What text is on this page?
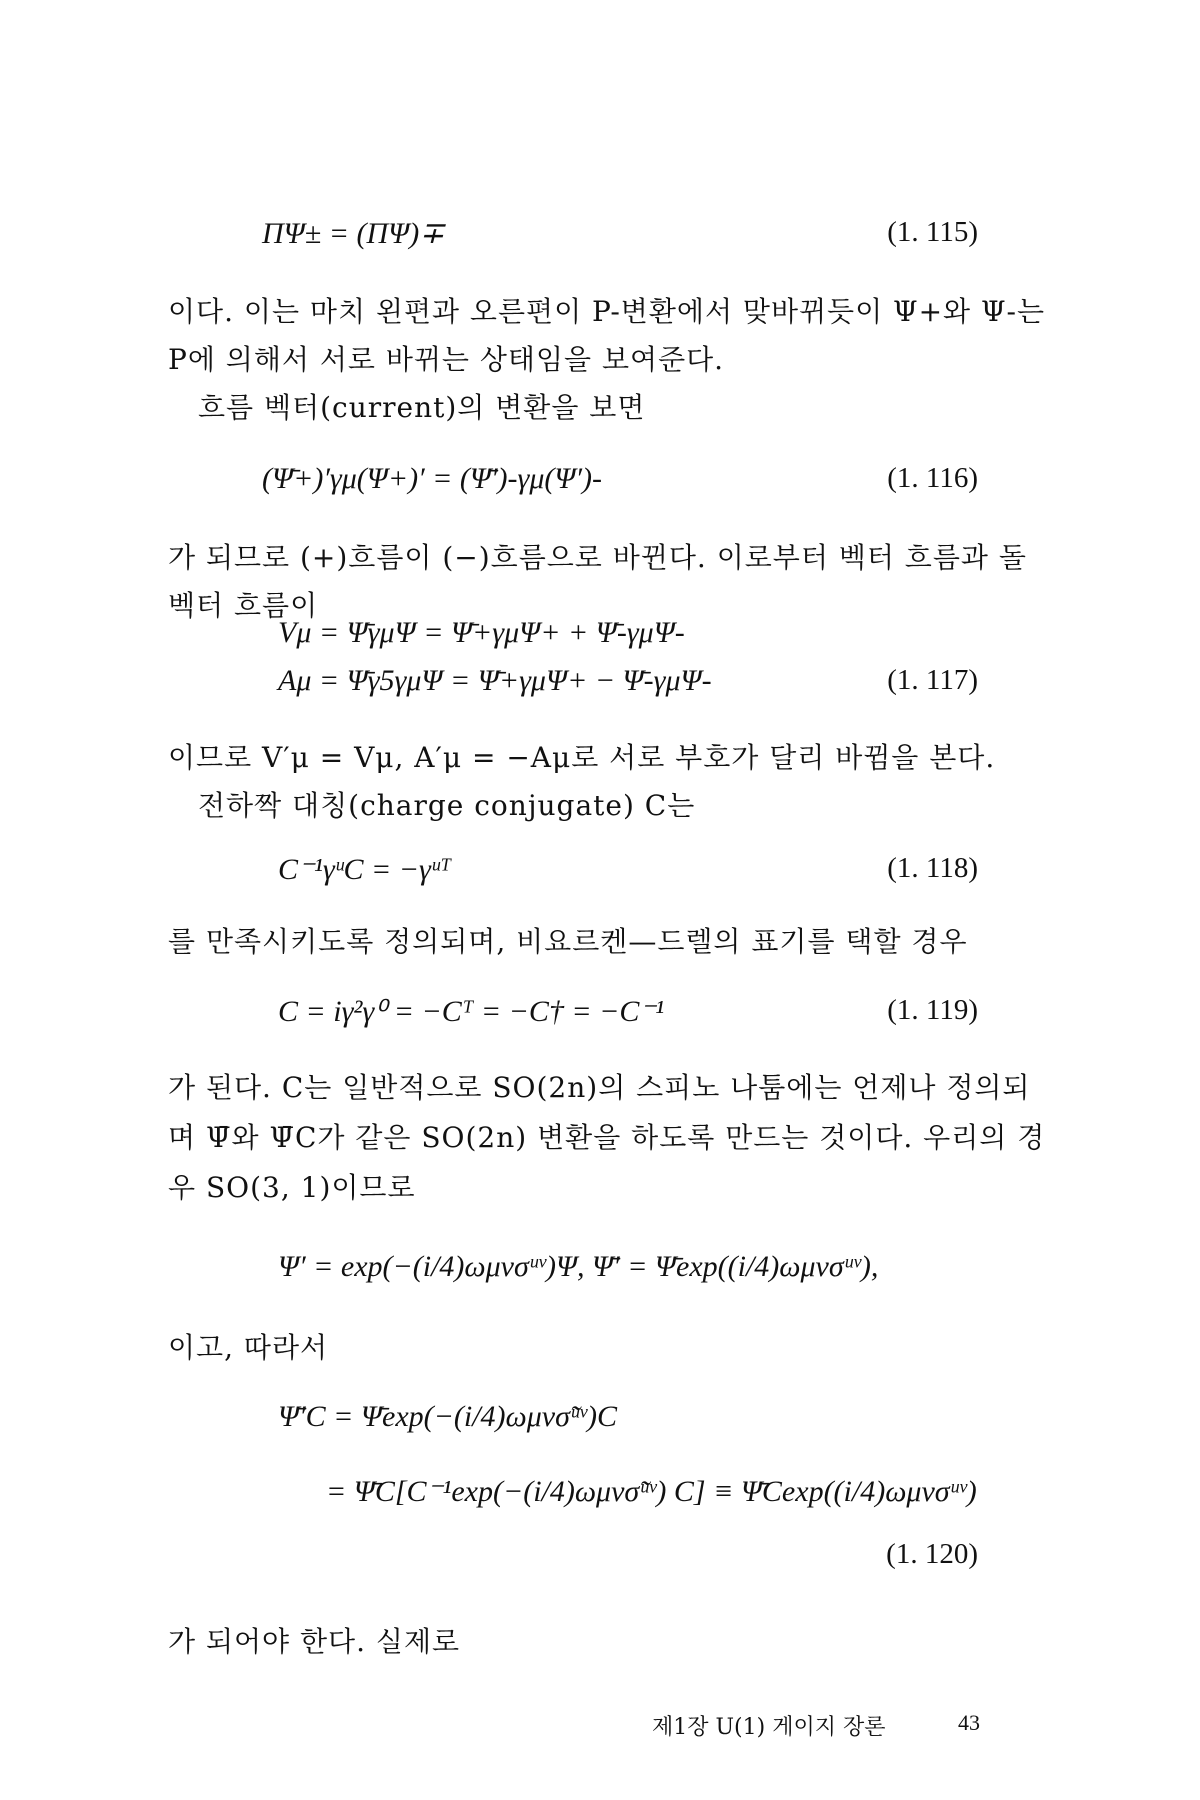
ΠΨ± = (ΠΨ)∓	(1. 115)
이다. 이는 마치 왼편과 오른편이 P-변환에서 맞바뀌듯이 Ψ+와 Ψ-는
P에 의해서 서로 바뀌는 상태임을 보여준다.
흐름 벡터(current)의 변환을 보면
(Ψ̄+)′γμ(Ψ+)′ = (Ψ̄′)-γμ(Ψ′)-	(1. 116)
가 되므로 (+)흐름이 (−)흐름으로 바뀐다. 이로부터 벡터 흐름과 돌
벡터 흐름이
Vμ = Ψ̄γμΨ = Ψ̄+γμΨ+ + Ψ̄-γμΨ-
Aμ = Ψ̄γ5γμΨ = Ψ̄+γμΨ+ − Ψ̄-γμΨ-	(1. 117)
이므로 V′μ = Vμ, A′μ = −Aμ로 서로 부호가 달리 바뀜을 본다.
전하짝 대칭(charge conjugate) C는
C⁻¹γᵘC = −γᵘᵀ	(1. 118)
를 만족시키도록 정의되며, 비요르켄—드렐의 표기를 택할 경우
C = iγ²γ⁰ = −Cᵀ = −C† = −C⁻¹	(1. 119)
가 된다. C는 일반적으로 SO(2n)의 스피노 나툼에는 언제나 정의되
며 Ψ̄와 Ψ̄C가 같은 SO(2n) 변환을 하도록 만드는 것이다. 우리의 경
우 SO(3, 1)이므로
Ψ′ = exp(−(i/4)ωμνσᵘᵛ)Ψ, Ψ̄′ = Ψ̄exp((i/4)ωμνσᵘᵛ),
이고, 따라서
Ψ̄′C = Ψ̄exp(−(i/4)ωμνσ̃ᵘᵛ)C
= Ψ̄C[C⁻¹exp(−(i/4)ωμνσ̃ᵘᵛ) C] ≡ Ψ̄Cexp((i/4)ωμνσᵘᵛ)
(1. 120)
가 되어야 한다. 실제로
제1장 U(1) 게이지 장론	43
